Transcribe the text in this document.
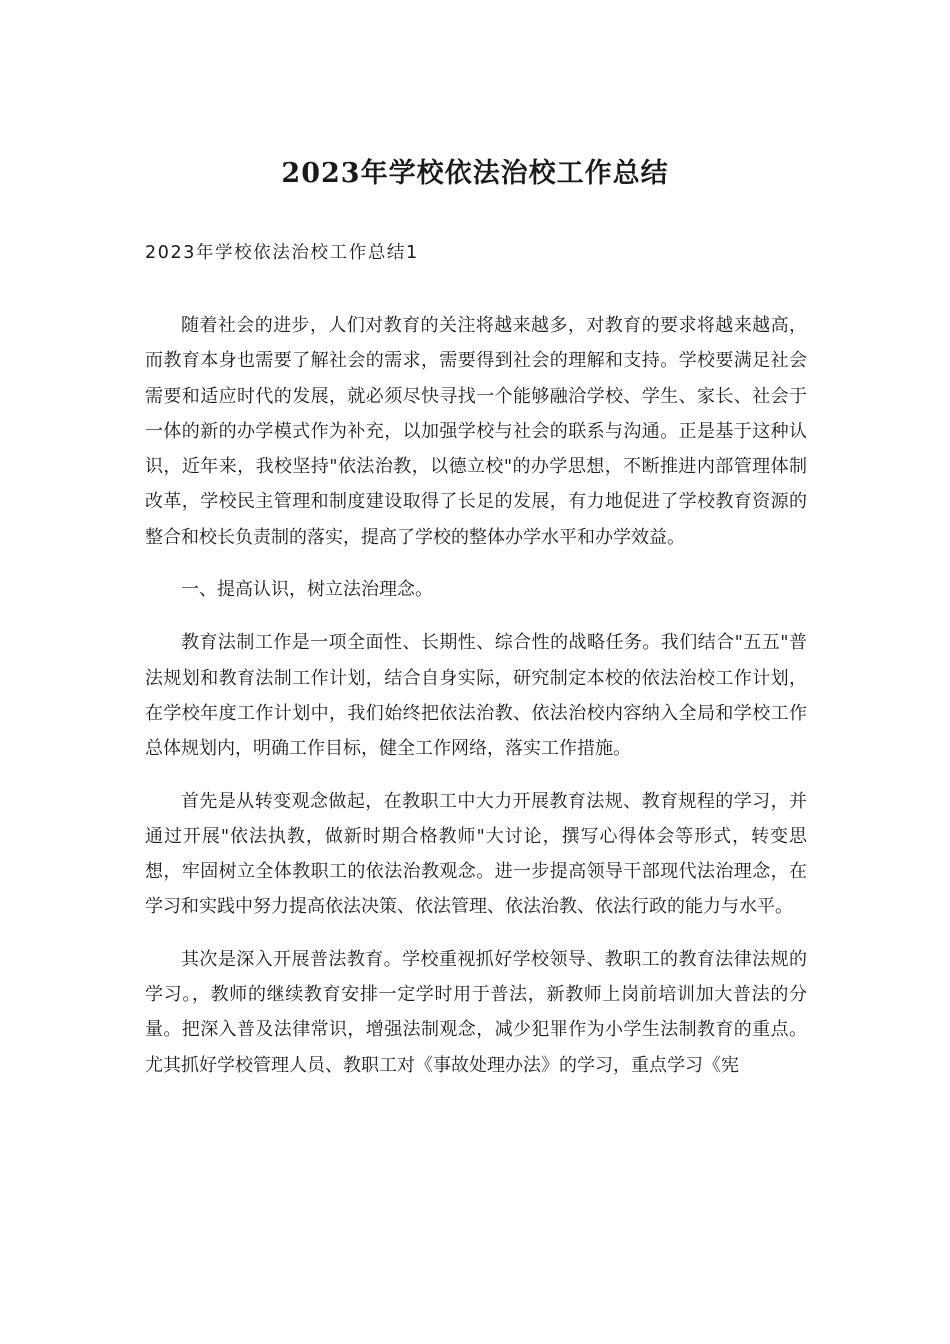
2023年学校依法治校工作总结
2023年学校依法治校工作总结1

随着社会的进步，人们对教育的关注将越来越多，对教育的要求将越来越高，而教育本身也需要了解社会的需求，需要得到社会的理解和支持。学校要满足社会需要和适应时代的发展，就必须尽快寻找一个能够融洽学校、学生、家长、社会于一体的新的办学模式作为补充，以加强学校与社会的联系与沟通。正是基于这种认识，近年来，我校坚持"依法治教，以德立校"的办学思想，不断推进内部管理体制改革，学校民主管理和制度建设取得了长足的发展，有力地促进了学校教育资源的整合和校长负责制的落实，提高了学校的整体办学水平和办学效益。

一、提高认识，树立法治理念。

教育法制工作是一项全面性、长期性、综合性的战略任务。我们结合"五五"普法规划和教育法制工作计划，结合自身实际，研究制定本校的依法治校工作计划，在学校年度工作计划中，我们始终把依法治教、依法治校内容纳入全局和学校工作总体规划内，明确工作目标，健全工作网络，落实工作措施。

首先是从转变观念做起，在教职工中大力开展教育法规、教育规程的学习，并通过开展"依法执教，做新时期合格教师"大讨论，撰写心得体会等形式，转变思想，牢固树立全体教职工的依法治教观念。进一步提高领导干部现代法治理念，在学习和实践中努力提高依法决策、依法管理、依法治教、依法行政的能力与水平。

其次是深入开展普法教育。学校重视抓好学校领导、教职工的教育法律法规的学习。，教师的继续教育安排一定学时用于普法，新教师上岗前培训加大普法的分量。把深入普及法律常识，增强法制观念，减少犯罪作为小学生法制教育的重点。尤其抓好学校管理人员、教职工对《事故处理办法》的学习，重点学习《宪
